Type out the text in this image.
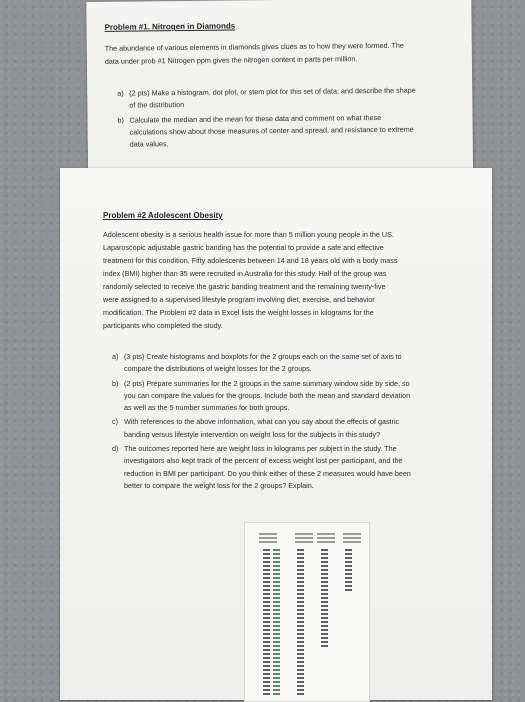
Problem #1. Nitrogen in Diamonds
The abundance of various elements in diamonds gives clues as to how they were formed. The data under prob #1 Nitrogen ppm gives the nitrogen content in parts per million.
a) (2 pts) Make a histogram, dot plot, or stem plot for this set of data; and describe the shape of the distribution
b) Calculate the median and the mean for these data and comment on what these calculations show about those measures of center and spread, and resistance to extreme data values.
Problem #2 Adolescent Obesity
Adolescent obesity is a serious health issue for more than 5 million young people in the US. Laparoscopic adjustable gastric banding has the potential to provide a safe and effective treatment for this condition. Fifty adolescents between 14 and 18 years old with a body mass index (BMI) higher than 35 were recruited in Australia for this study. Half of the group was randomly selected to receive the gastric banding treatment and the remaining twenty-five were assigned to a supervised lifestyle program involving diet, exercise, and behavior modification. The Problem #2 data in Excel lists the weight losses in kilograms for the participants who completed the study.
a) (3 pts) Create histograms and boxplots for the 2 groups each on the same set of axis to compare the distributions of weight losses for the 2 groups.
b) (2 pts) Prepare summaries for the 2 groups in the same summary window side by side, so you can compare the values for the groups. Include both the mean and standard deviation as well as the 5 number summaries for both groups.
c) With references to the above information, what can you say about the effects of gastric banding versus lifestyle intervention on weight loss for the subjects in this study?
d) The outcomes reported here are weight loss in kilograms per subject in the study. The investigators also kept track of the percent of excess weight lost per participant, and the reduction in BMI per participant. Do you think either of these 2 measures would have been better to compare the weight loss for the 2 groups? Explain.
